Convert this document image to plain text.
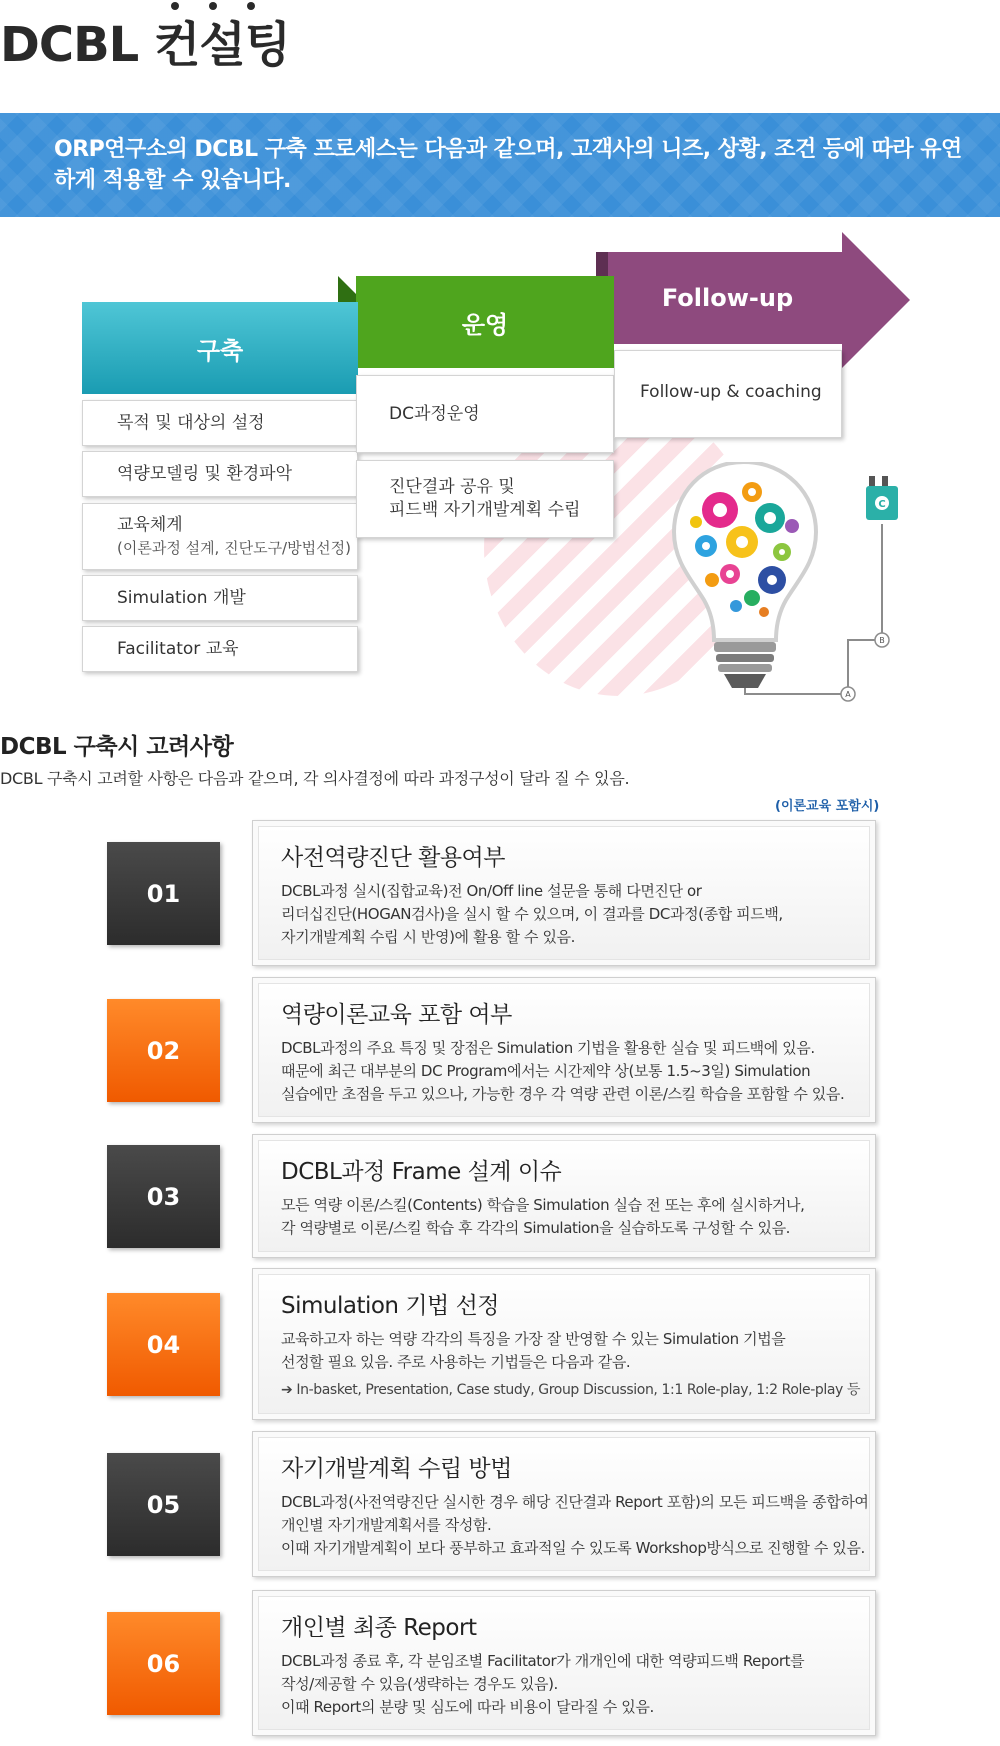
DCBL 컨설팅
ORP연구소의 DCBL 구축 프로세스는 다음과 같으며, 고객사의 니즈, 상황, 조건 등에 따라 유연하게 적용할 수 있습니다.
Follow-up
운영
구축
목적 및 대상의 설정
역량모델링 및 환경파악
교육체계
(이론과정 설계, 진단도구/방법선정)
Simulation 개발
Facilitator 교육
DC과정운영
진단결과 공유 및
피드백 자기개발계획 수립
Follow-up & coaching
C
B
A
DCBL 구축시 고려사항
DCBL 구축시 고려할 사항은 다음과 같으며, 각 의사결정에 따라 과정구성이 달라 질 수 있음.
(이론교육 포함시)
01
사전역량진단 활용여부
DCBL과정 실시(집합교육)전 On/Off line 설문을 통해 다면진단 or
리더십진단(HOGAN검사)을 실시 할 수 있으며, 이 결과를 DC과정(종합 피드백,
자기개발계획 수립 시 반영)에 활용 할 수 있음.
02
역량이론교육 포함 여부
DCBL과정의 주요 특징 및 장점은 Simulation 기법을 활용한 실습 및 피드백에 있음.
때문에 최근 대부분의 DC Program에서는 시간제약 상(보통 1.5~3일) Simulation
실습에만 초점을 두고 있으나, 가능한 경우 각 역량 관련 이론/스킬 학습을 포함할 수 있음.
03
DCBL과정 Frame 설계 이슈
모든 역량 이론/스킬(Contents) 학습을 Simulation 실습 전 또는 후에 실시하거나,
각 역량별로 이론/스킬 학습 후 각각의 Simulation을 실습하도록 구성할 수 있음.
04
Simulation 기법 선정
교육하고자 하는 역량 각각의 특징을 가장 잘 반영할 수 있는 Simulation 기법을
선정할 필요 있음. 주로 사용하는 기법들은 다음과 같음.
➔ In-basket, Presentation, Case study, Group Discussion, 1:1 Role-play, 1:2 Role-play 등
05
자기개발계획 수립 방법
DCBL과정(사전역량진단 실시한 경우 해당 진단결과 Report 포함)의 모든 피드백을 종합하여
개인별 자기개발계획서를 작성함.
이때 자기개발계획이 보다 풍부하고 효과적일 수 있도록 Workshop방식으로 진행할 수 있음.
06
개인별 최종 Report
DCBL과정 종료 후, 각 분임조별 Facilitator가 개개인에 대한 역량피드백 Report를
작성/제공할 수 있음(생략하는 경우도 있음).
이때 Report의 분량 및 심도에 따라 비용이 달라질 수 있음.
